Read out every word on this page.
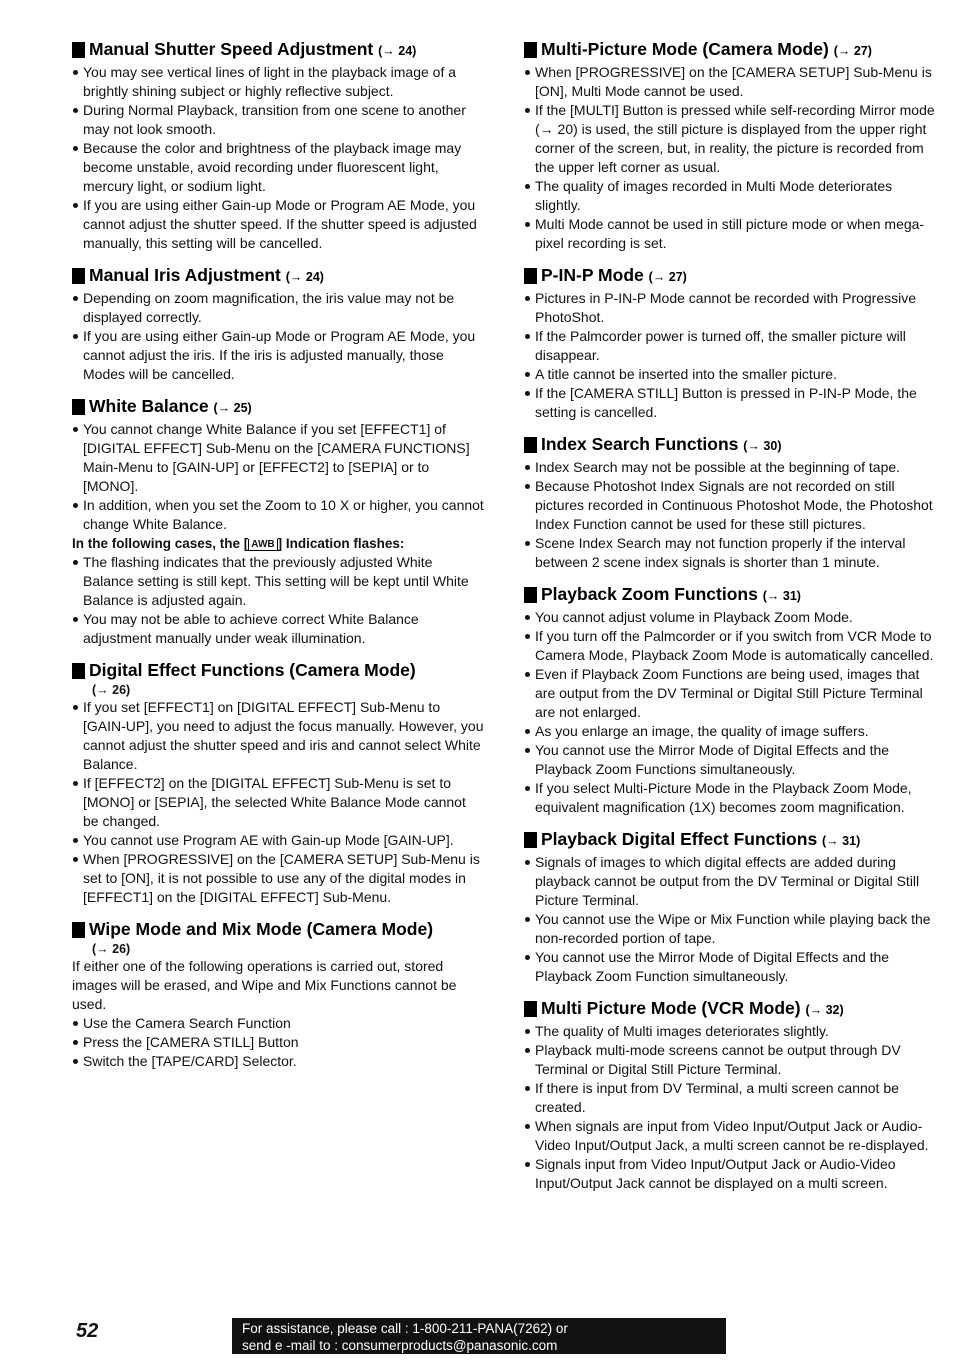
Manual Shutter Speed Adjustment (→ 24)
You may see vertical lines of light in the playback image of a brightly shining subject or highly reflective subject.
During Normal Playback, transition from one scene to another may not look smooth.
Because the color and brightness of the playback image may become unstable, avoid recording under fluorescent light, mercury light, or sodium light.
If you are using either Gain-up Mode or Program AE Mode, you cannot adjust the shutter speed. If the shutter speed is adjusted manually, this setting will be cancelled.
Manual Iris Adjustment (→ 24)
Depending on zoom magnification, the iris value may not be displayed correctly.
If you are using either Gain-up Mode or Program AE Mode, you cannot adjust the iris. If the iris is adjusted manually, those Modes will be cancelled.
White Balance (→ 25)
You cannot change White Balance if you set [EFFECT1] of [DIGITAL EFFECT] Sub-Menu on the [CAMERA FUNCTIONS] Main-Menu to [GAIN-UP] or [EFFECT2] to [SEPIA] or to [MONO].
In addition, when you set the Zoom to 10 X or higher, you cannot change White Balance.
In the following cases, the [ AWB ] Indication flashes:
The flashing indicates that the previously adjusted White Balance setting is still kept. This setting will be kept until White Balance is adjusted again.
You may not be able to achieve correct White Balance adjustment manually under weak illumination.
Digital Effect Functions (Camera Mode)
(→ 26)
If you set [EFFECT1] on [DIGITAL EFFECT] Sub-Menu to [GAIN-UP], you need to adjust the focus manually. However, you cannot adjust the shutter speed and iris and cannot select White Balance.
If [EFFECT2] on the [DIGITAL EFFECT] Sub-Menu is set to [MONO] or [SEPIA], the selected White Balance Mode cannot be changed.
You cannot use Program AE with Gain-up Mode [GAIN-UP].
When [PROGRESSIVE] on the [CAMERA SETUP] Sub-Menu is set to [ON], it is not possible to use any of the digital modes in [EFFECT1] on the [DIGITAL EFFECT] Sub-Menu.
Wipe Mode and Mix Mode (Camera Mode)
(→ 26)
If either one of the following operations is carried out, stored images will be erased, and Wipe and Mix Functions cannot be used.
Use the Camera Search Function
Press the [CAMERA STILL] Button
Switch the [TAPE/CARD] Selector.
Multi-Picture Mode (Camera Mode) (→ 27)
When [PROGRESSIVE] on the [CAMERA SETUP] Sub-Menu is [ON], Multi Mode cannot be used.
If the [MULTI] Button is pressed while self-recording Mirror mode (→ 20) is used, the still picture is displayed from the upper right corner of the screen, but, in reality, the picture is recorded from the upper left corner as usual.
The quality of images recorded in Multi Mode deteriorates slightly.
Multi Mode cannot be used in still picture mode or when mega-pixel recording is set.
P-IN-P Mode (→ 27)
Pictures in P-IN-P Mode cannot be recorded with Progressive PhotoShot.
If the Palmcorder power is turned off, the smaller picture will disappear.
A title cannot be inserted into the smaller picture.
If the [CAMERA STILL] Button is pressed in P-IN-P Mode, the setting is cancelled.
Index Search Functions (→ 30)
Index Search may not be possible at the beginning of tape.
Because Photoshot Index Signals are not recorded on still pictures recorded in Continuous Photoshot Mode, the Photoshot Index Function cannot be used for these still pictures.
Scene Index Search may not function properly if the interval between 2 scene index signals is shorter than 1 minute.
Playback Zoom Functions (→ 31)
You cannot adjust volume in Playback Zoom Mode.
If you turn off the Palmcorder or if you switch from VCR Mode to Camera Mode, Playback Zoom Mode is automatically cancelled.
Even if Playback Zoom Functions are being used, images that are output from the DV Terminal or Digital Still Picture Terminal are not enlarged.
As you enlarge an image, the quality of image suffers.
You cannot use the Mirror Mode of Digital Effects and the Playback Zoom Functions simultaneously.
If you select Multi-Picture Mode in the Playback Zoom Mode, equivalent magnification (1X) becomes zoom magnification.
Playback Digital Effect Functions (→ 31)
Signals of images to which digital effects are added during playback cannot be output from the DV Terminal or Digital Still Picture Terminal.
You cannot use the Wipe or Mix Function while playing back the non-recorded portion of tape.
You cannot use the Mirror Mode of Digital Effects and the Playback Zoom Function simultaneously.
Multi Picture Mode (VCR Mode) (→ 32)
The quality of Multi images deteriorates slightly.
Playback multi-mode screens cannot be output through DV Terminal or Digital Still Picture Terminal.
If there is input from DV Terminal, a multi screen cannot be created.
When signals are input from Video Input/Output Jack or Audio-Video Input/Output Jack, a multi screen cannot be re-displayed.
Signals input from Video Input/Output Jack or Audio-Video Input/Output Jack cannot be displayed on a multi screen.
52	For assistance, please call : 1-800-211-PANA(7262) or
send e -mail to : consumerproducts@panasonic.com
